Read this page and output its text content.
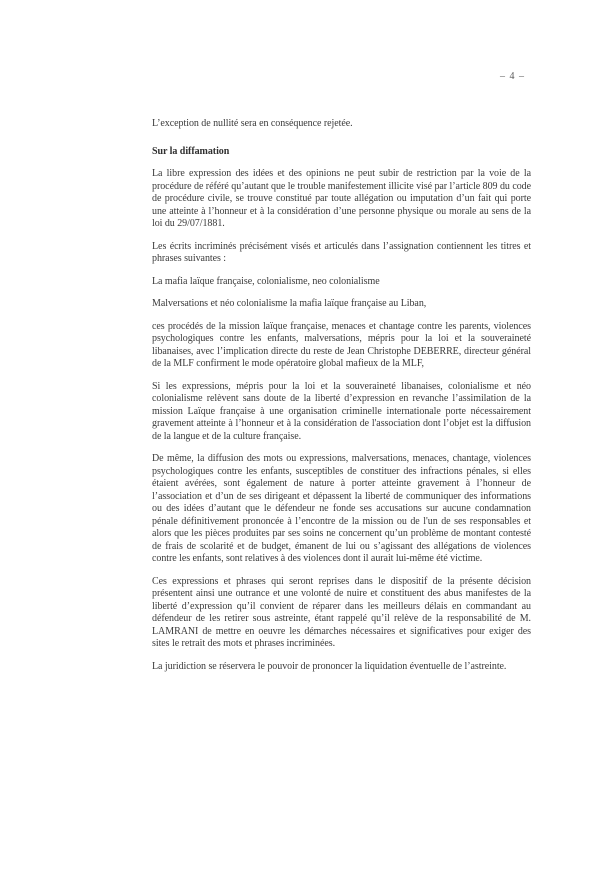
– 4 –

L’exception de nullité sera en conséquence rejetée.

Sur la diffamation

La libre expression des idées et des opinions ne peut subir de restriction par la voie de la procédure de référé qu’autant que le trouble manifestement illicite visé par l’article 809 du code de procédure civile, se trouve constitué par toute allégation ou imputation d’un fait qui porte une atteinte à l’honneur et à la considération d’une personne physique ou morale au sens de la loi du 29/07/1881.

Les écrits incriminés précisément visés et articulés dans l’assignation contiennent les titres et phrases suivantes :

La mafia laïque française, colonialisme, neo colonialisme

Malversations et néo colonialisme la mafia laïque française au Liban,

ces procédés de la mission laïque française, menaces et chantage contre les parents, violences psychologiques contre les enfants, malversations, mépris pour la loi et la souveraineté libanaises, avec l’implication directe du reste de Jean Christophe DEBERRE, directeur général de la MLF confirment le mode opératoire global mafieux de la MLF,

Si les expressions, mépris pour la loi et la souveraineté libanaises, colonialisme et néo colonialisme relèvent sans doute de la liberté d’expression en revanche l’assimilation de la mission Laïque française à une organisation criminelle internationale porte nécessairement gravement atteinte à l’honneur et à la considération de l'association dont l’objet est la diffusion de la langue et de la culture française.

De même, la diffusion des mots ou expressions, malversations, menaces, chantage, violences psychologiques contre les enfants, susceptibles de constituer des infractions pénales, si elles étaient avérées, sont également de nature à porter atteinte gravement à l’honneur de l’association et d’un de ses dirigeant et dépassent la liberté de communiquer des informations ou des idées d’autant que le défendeur ne fonde ses accusations sur aucune condamnation pénale définitivement prononcée à l’encontre de la mission ou de l'un de ses responsables et alors que les pièces produites par ses soins ne concernent qu’un problème de montant contesté de frais de scolarité et de budget, émanent de lui ou s’agissant des allégations de violences contre les enfants, sont relatives à des violences dont il aurait lui-même été victime.

Ces expressions et phrases qui seront reprises dans le dispositif de la présente décision présentent ainsi une outrance et une volonté de nuire et constituent des abus manifestes de la liberté d’expression qu’il convient de réparer dans les meilleurs délais en commandant au défendeur de les retirer sous astreinte, étant rappelé qu’il relève de la responsabilité de M. LAMRANI de mettre en oeuvre les démarches nécessaires et significatives pour exiger des sites le retrait des mots et phrases incriminées.

La juridiction se réservera le pouvoir de prononcer la liquidation éventuelle de l’astreinte.
